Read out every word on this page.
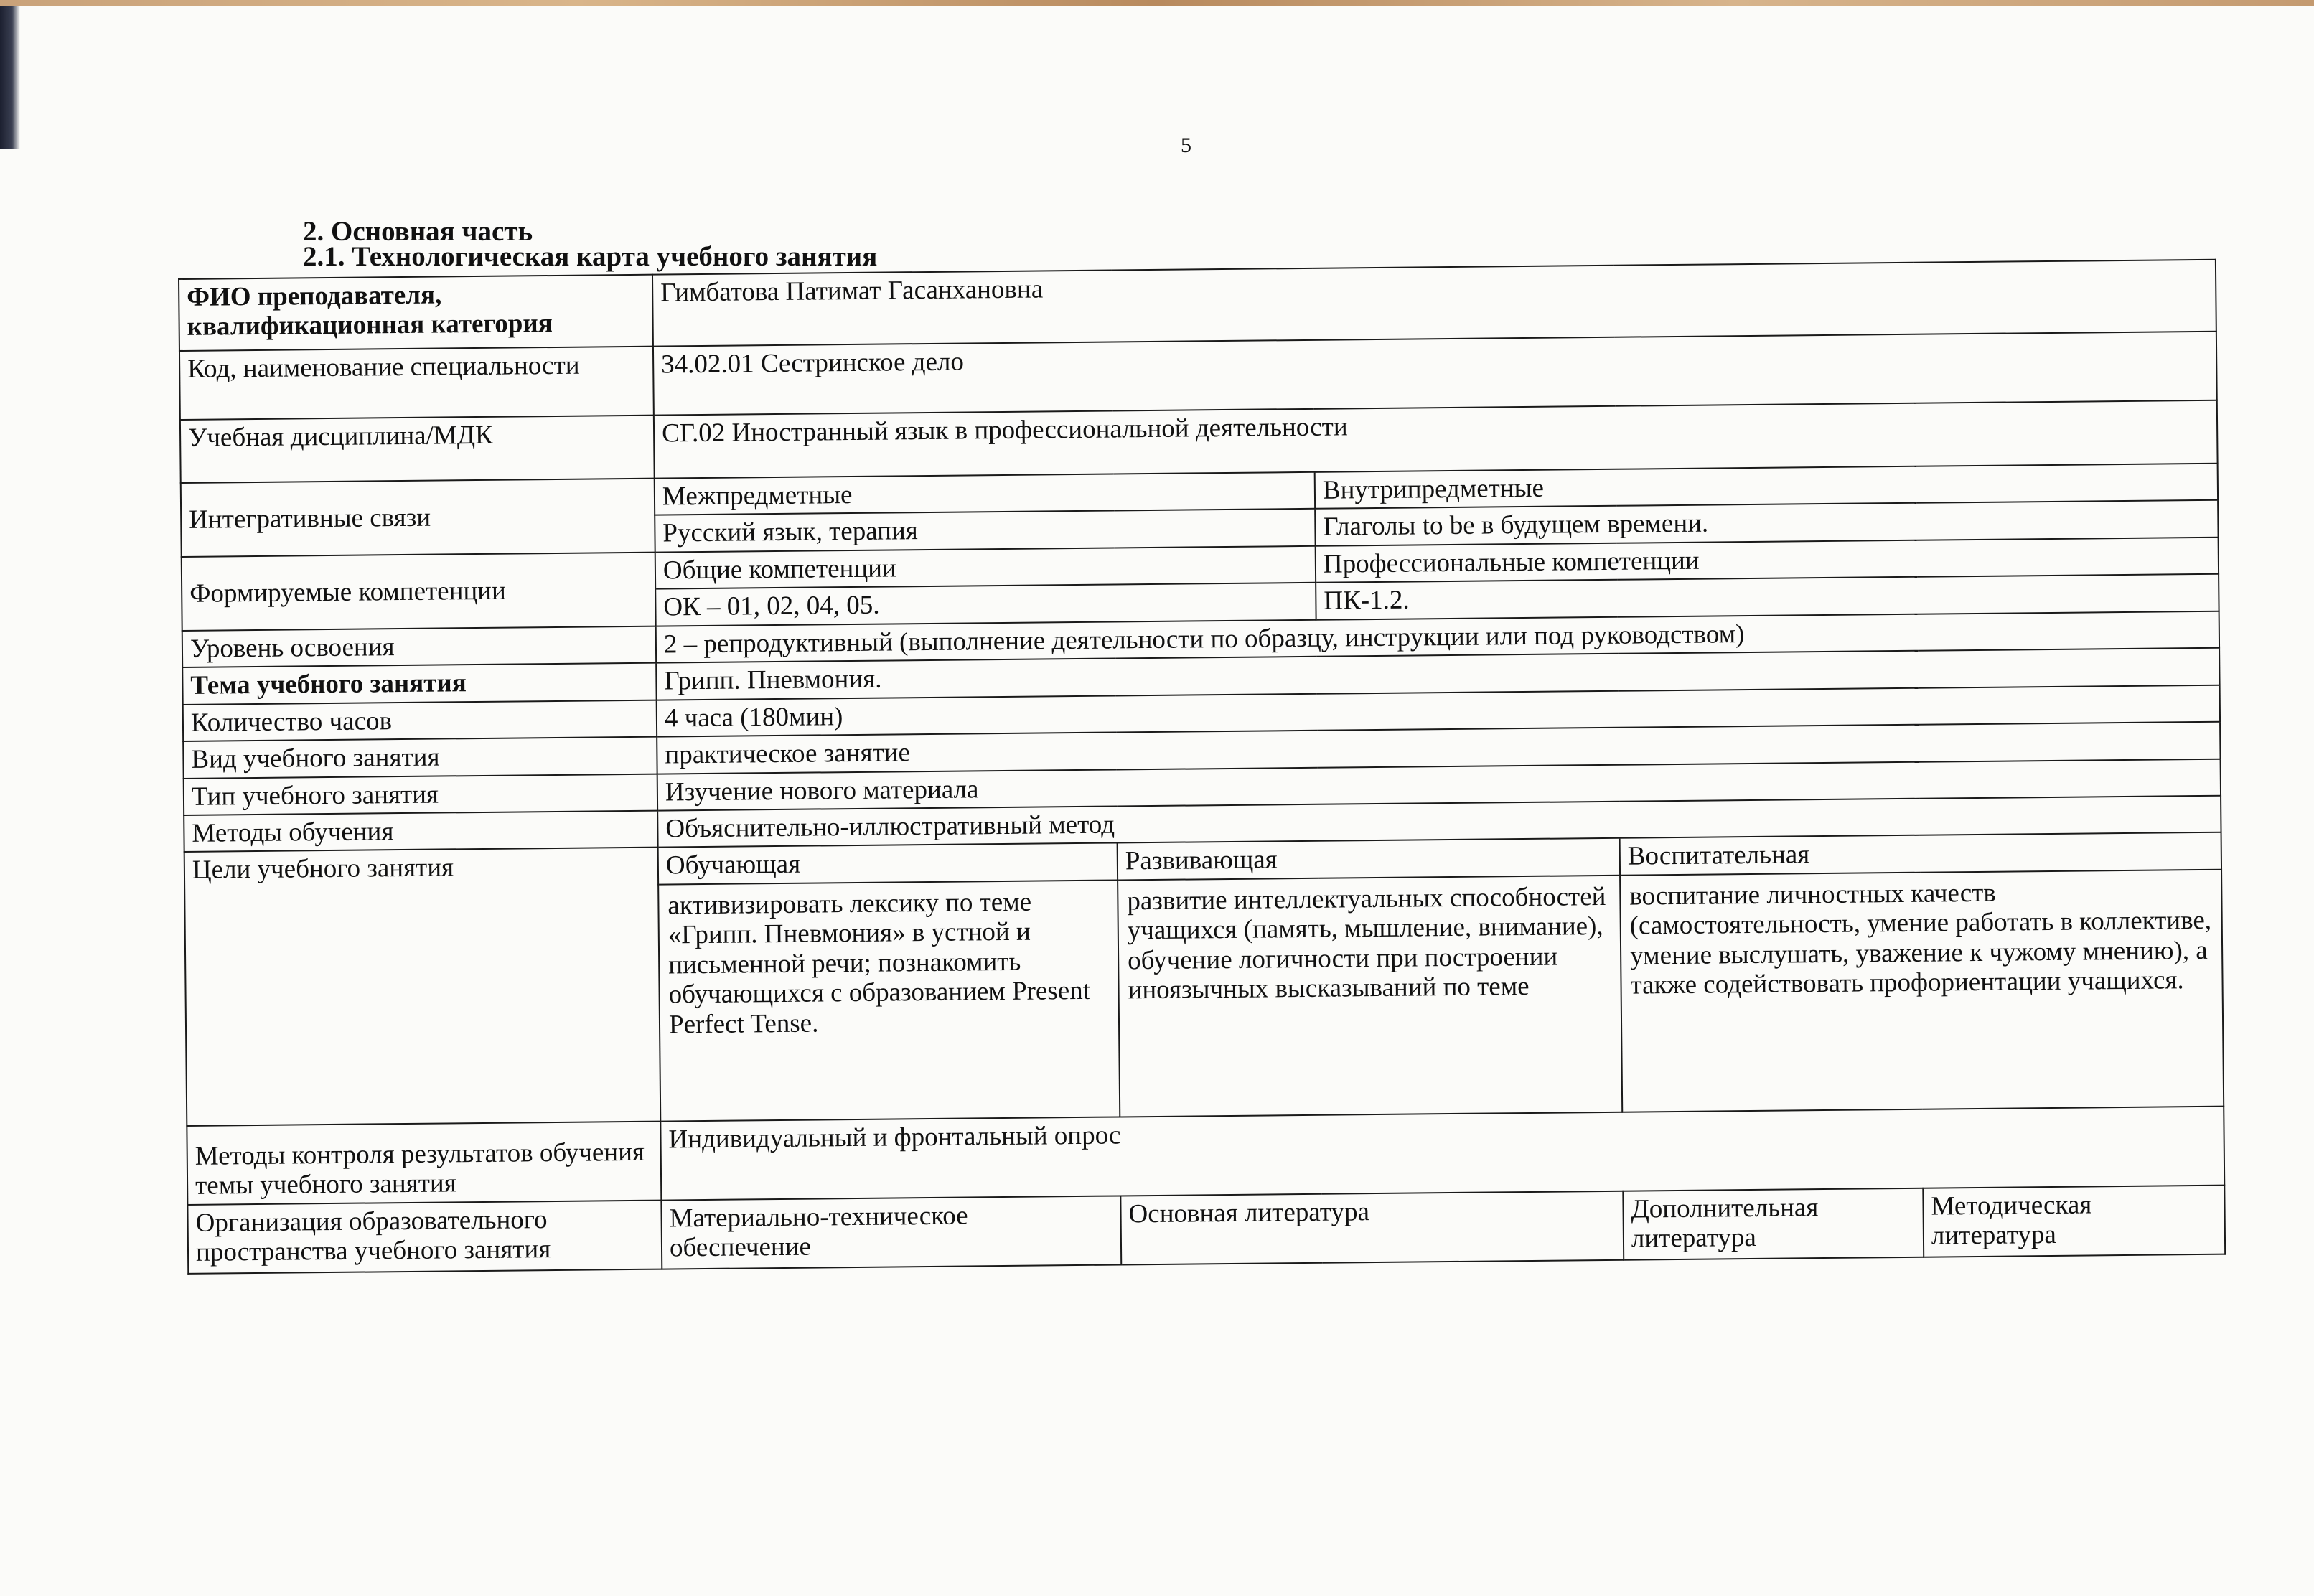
5
2. Основная часть
2.1. Технологическая карта учебного занятия
ФИО преподавателя, квалификационная категория	Гимбатова Патимат Гасанхановна				
Код, наименование специальности	34.02.01 Сестринское дело				
Учебная дисциплина/МДК	СГ.02 Иностранный язык в профессиональной деятельности				
Интегративные связи	Межпредметные		Внутрипредметные		
	Русский язык, терапия		Глаголы to be в будущем времени.		
Формируемые компетенции	Общие компетенции		Профессиональные компетенции		
	ОК – 01, 02, 04, 05.		ПК-1.2.		
Уровень освоения	2 – репродуктивный (выполнение деятельности по образцу, инструкции или под руководством)				
Тема учебного занятия	Грипп. Пневмония.				
Количество часов	4 часа (180мин)				
Вид учебного занятия	практическое занятие				
Тип учебного занятия	Изучение нового материала				
Методы обучения	Объяснительно-иллюстративный метод				
Цели учебного занятия	Обучающая	Развивающая		Воспитательная	
	активизировать лексику по теме «Грипп. Пневмония» в устной и письменной речи; познакомить обучающихся с образованием Present Perfect Tense.	развитие интеллектуальных способностей учащихся (память, мышление, внимание), обучение логичности при построении иноязычных высказываний по теме		воспитание личностных качеств (самостоятельность, умение работать в коллективе, умение выслушать, уважение к чужому мнению), а также содействовать профориентации учащихся.	
Методы контроля результатов обучения темы учебного занятия	Индивидуальный и фронтальный опрос				
Организация образовательного пространства учебного занятия	Материально-техническое обеспечение	Основная литература		Дополнительная литература	Методическая литература
